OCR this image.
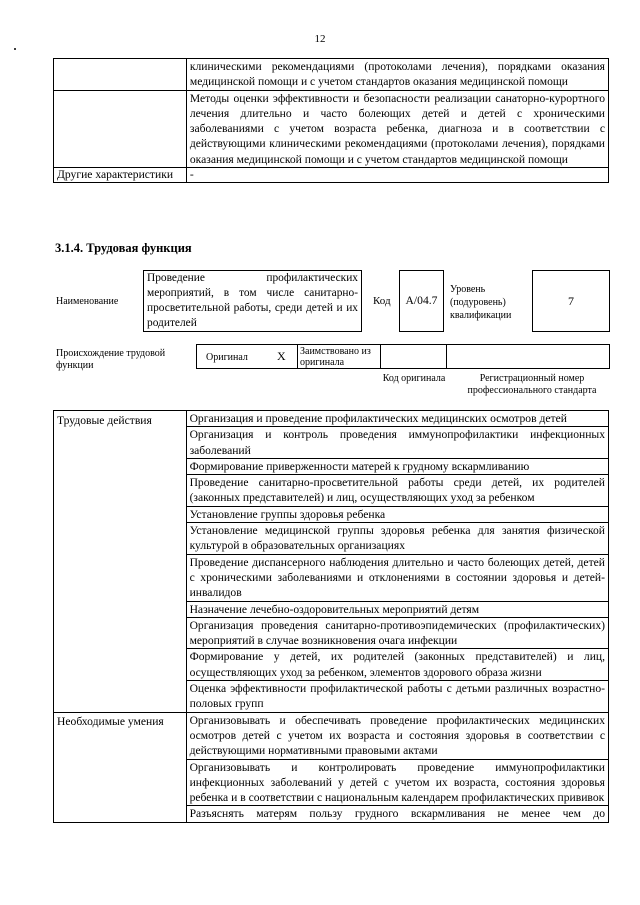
12
	клиническими рекомендациями (протоколами лечения), порядками оказания медицинской помощи и с учетом стандартов оказания медицинской помощи
	Методы оценки эффективности и безопасности реализации санаторно-курортного лечения длительно и часто болеющих детей и детей с хроническими заболеваниями с учетом возраста ребенка, диагноза и в соответствии с действующими клиническими рекомендациями (протоколами лечения), порядками оказания медицинской помощи и с учетом стандартов медицинской помощи
Другие характеристики	-
3.1.4. Трудовая функция
Наименование
Проведение профилактических мероприятий, в том числе санитарно-просветительной работы, среди детей и их родителей
Код	А/04.7
Уровень (подуровень) квалификации
7
Происхождение трудовой функции
Оригинал X Заимствовано из оригинала
Код оригинала	Регистрационный номер профессионального стандарта
Трудовые действия	Организация и проведение профилактических медицинских осмотров детей
	Организация и контроль проведения иммунопрофилактики инфекционных заболеваний
	Формирование приверженности матерей к грудному вскармливанию
	Проведение санитарно-просветительной работы среди детей, их родителей (законных представителей) и лиц, осуществляющих уход за ребенком
	Установление группы здоровья ребенка
	Установление медицинской группы здоровья ребенка для занятия физической культурой в образовательных организациях
	Проведение диспансерного наблюдения длительно и часто болеющих детей, детей с хроническими заболеваниями и отклонениями в состоянии здоровья и детей-инвалидов
	Назначение лечебно-оздоровительных мероприятий детям
	Организация проведения санитарно-противоэпидемических (профилактических) мероприятий в случае возникновения очага инфекции
	Формирование у детей, их родителей (законных представителей) и лиц, осуществляющих уход за ребенком, элементов здорового образа жизни
	Оценка эффективности профилактической работы с детьми различных возрастно-половых групп
Необходимые умения	Организовывать и обеспечивать проведение профилактических медицинских осмотров детей с учетом их возраста и состояния здоровья в соответствии с действующими нормативными правовыми актами
	Организовывать и контролировать проведение иммунопрофилактики инфекционных заболеваний у детей с учетом их возраста, состояния здоровья ребенка и в соответствии с национальным календарем профилактических прививок
	Разъяснять матерям пользу грудного вскармливания не менее чем до
